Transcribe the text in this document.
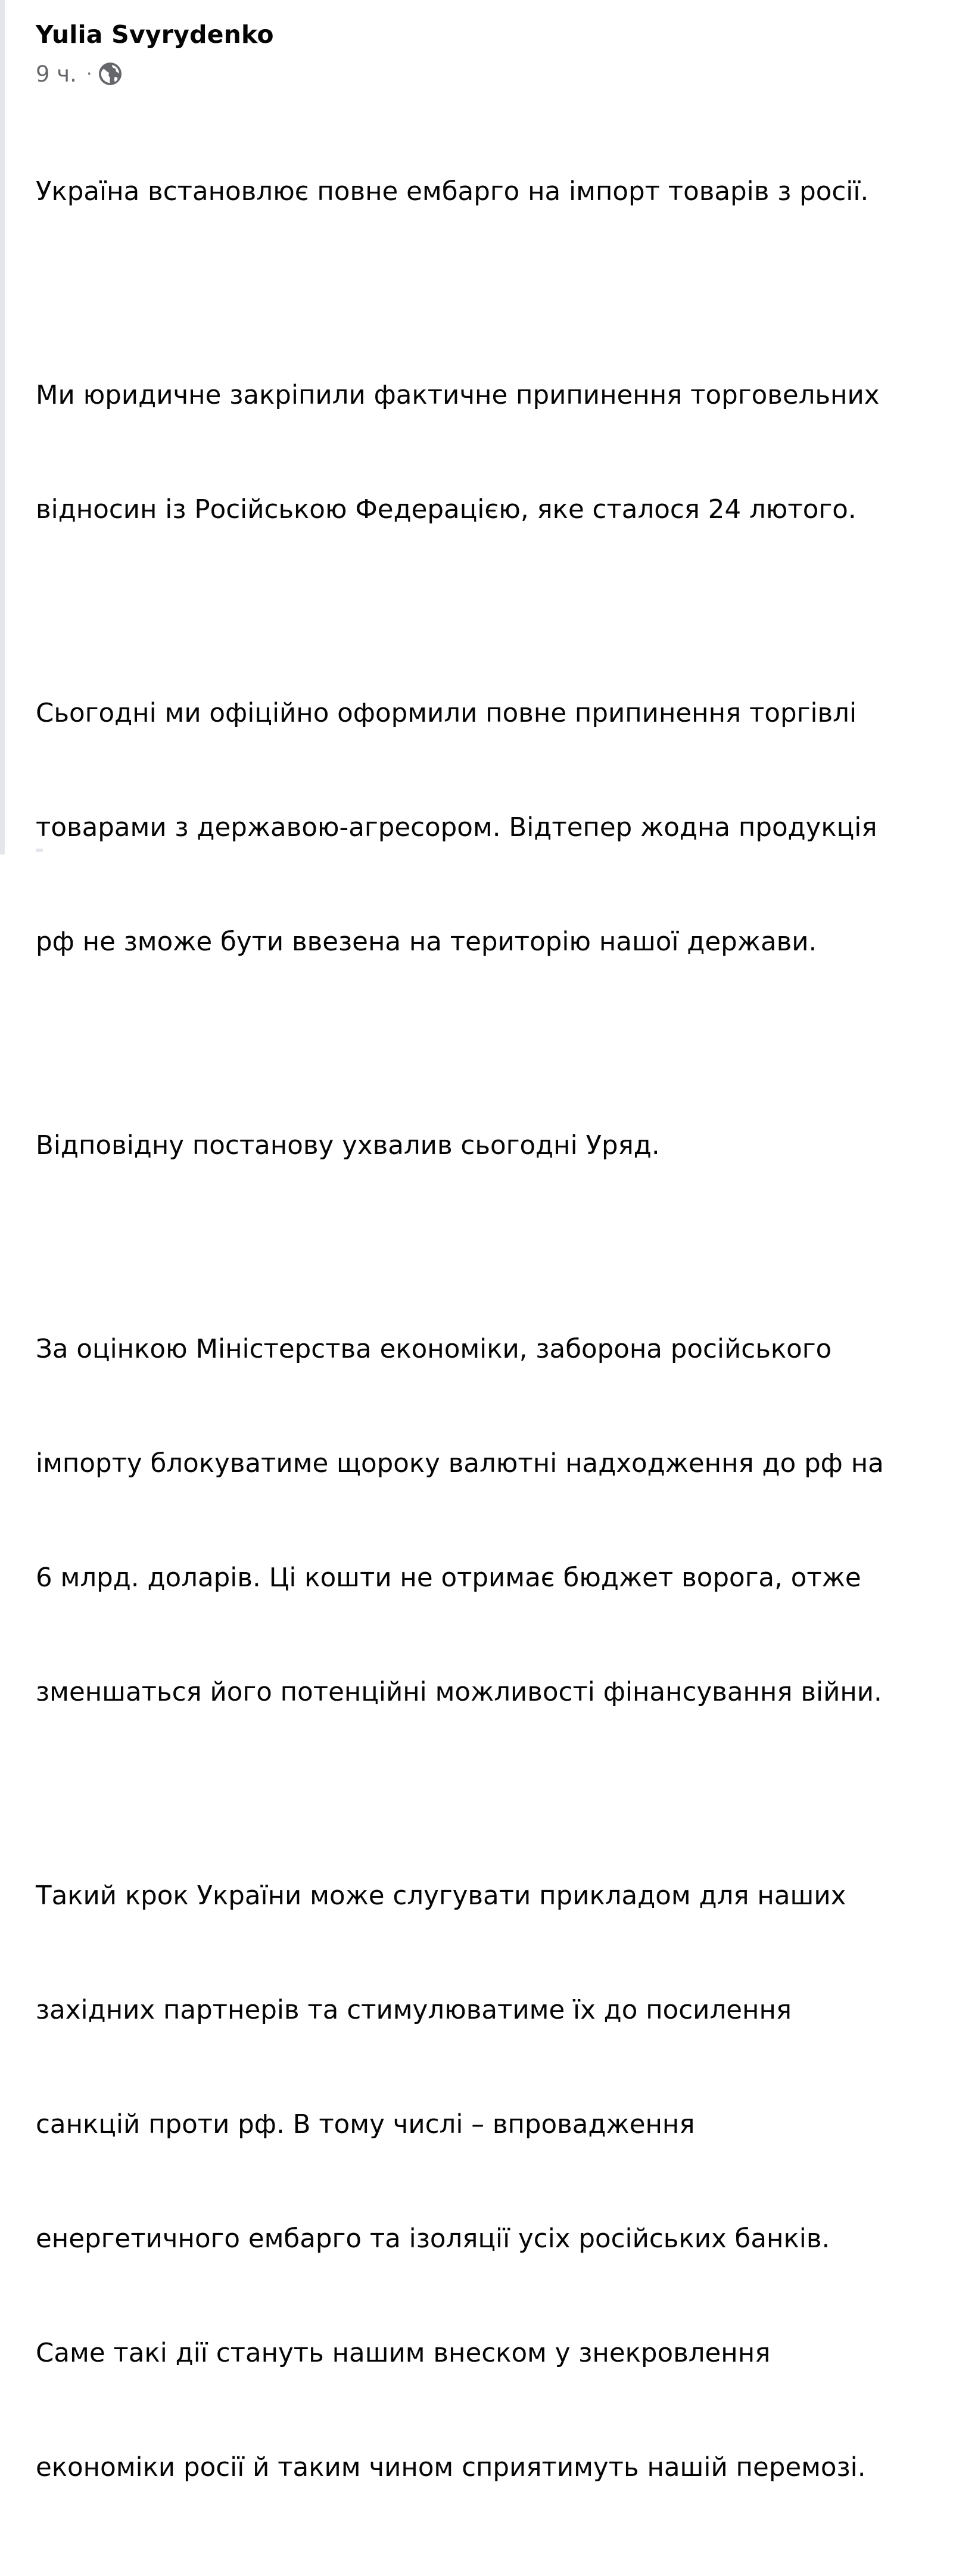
Yulia Svyrydenko
9 ч. ·

Україна встановлює повне ембарго на імпорт товарів з росії.

Ми юридичне закріпили фактичне припинення торговельних

відносин із Російською Федерацією, яке сталося 24 лютого.

Сьогодні ми офіційно оформили повне припинення торгівлі

товарами з державою-агресором. Відтепер жодна продукція

рф не зможе бути ввезена на територію нашої держави.

Відповідну постанову ухвалив сьогодні Уряд.

За оцінкою Міністерства економіки, заборона російського

імпорту блокуватиме щороку валютні надходження до рф на

6 млрд. доларів. Ці кошти не отримає бюджет ворога, отже

зменшаться його потенційні можливості фінансування війни.

Такий крок України може слугувати прикладом для наших

західних партнерів та стимулюватиме їх до посилення

санкцій проти рф. В тому числі – впровадження

енергетичного ембарго та ізоляції усіх російських банків.

Саме такі дії стануть нашим внеском у знекровлення

економіки росії й таким чином сприятимуть нашій перемозі.
